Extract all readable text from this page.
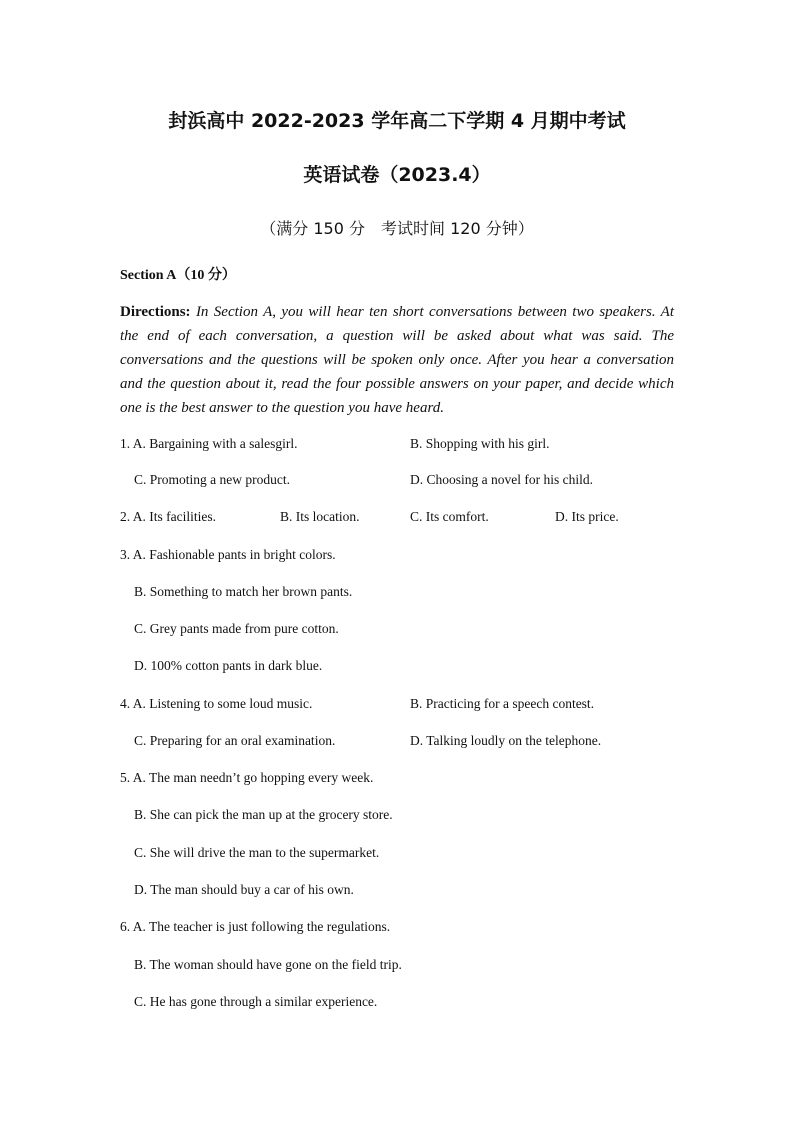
封浜高中 2022-2023 学年高二下学期 4 月期中考试
英语试卷（2023.4）
（满分 150 分　考试时间 120 分钟）
Section A（10 分）
Directions: In Section A, you will hear ten short conversations between two speakers. At the end of each conversation, a question will be asked about what was said. The conversations and the questions will be spoken only once. After you hear a conversation and the question about it, read the four possible answers on your paper, and decide which one is the best answer to the question you have heard.
1. A. Bargaining with a salesgirl.	B. Shopping with his girl.
C. Promoting a new product.	D. Choosing a novel for his child.
2. A. Its facilities.	B. Its location.	C. Its comfort.	D. Its price.
3. A. Fashionable pants in bright colors.
B. Something to match her brown pants.
C. Grey pants made from pure cotton.
D. 100% cotton pants in dark blue.
4. A. Listening to some loud music.	B. Practicing for a speech contest.
C. Preparing for an oral examination.	D. Talking loudly on the telephone.
5. A. The man needn’t go hopping every week.
B. She can pick the man up at the grocery store.
C. She will drive the man to the supermarket.
D. The man should buy a car of his own.
6. A. The teacher is just following the regulations.
B. The woman should have gone on the field trip.
C. He has gone through a similar experience.
